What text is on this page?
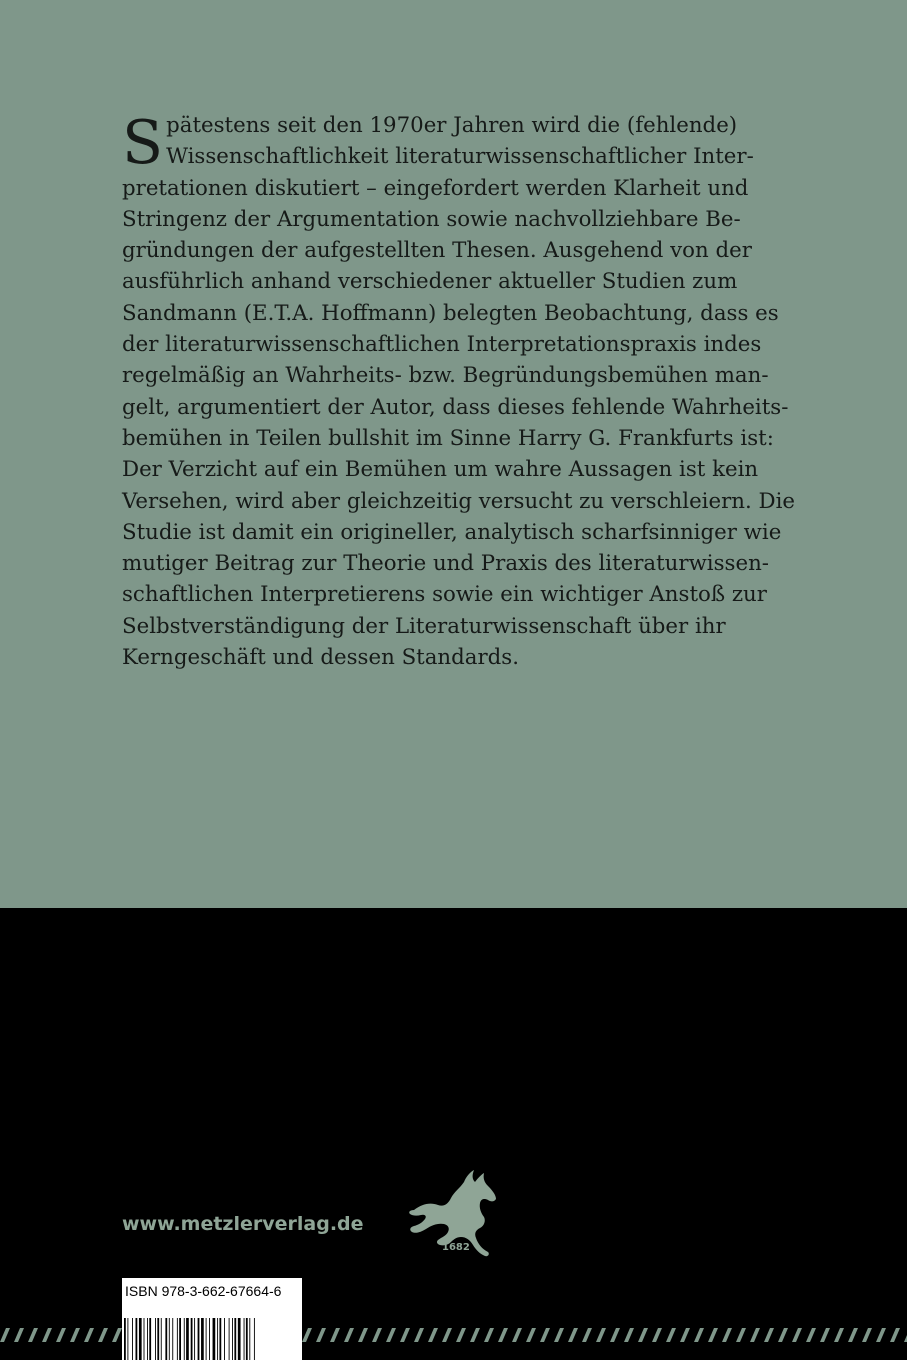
S pätestens seit den 1970er Jahren wird die (fehlende)
Wissenschaftlichkeit literaturwissenschaftlicher Inter-
pretationen diskutiert – eingefordert werden Klarheit und
Stringenz der Argumentation sowie nachvollziehbare Be-
gründungen der aufgestellten Thesen. Ausgehend von der
ausführlich anhand verschiedener aktueller Studien zum
Sandmann (E.T.A. Hoffmann) belegten Beobachtung, dass es
der literaturwissenschaftlichen Interpretationspraxis indes
regelmäßig an Wahrheits- bzw. Begründungsbemühen man-
gelt, argumentiert der Autor, dass dieses fehlende Wahrheits-
bemühen in Teilen bullshit im Sinne Harry G. Frankfurts ist:
Der Verzicht auf ein Bemühen um wahre Aussagen ist kein
Versehen, wird aber gleichzeitig versucht zu verschleiern. Die
Studie ist damit ein origineller, analytisch scharfsinniger wie
mutiger Beitrag zur Theorie und Praxis des literaturwissen-
schaftlichen Interpretierens sowie ein wichtiger Anstoß zur
Selbstverständigung der Literaturwissenschaft über ihr
Kerngeschäft und dessen Standards.
www.metzlerverlag.de
1682
ISBN 978-3-662-67664-6
